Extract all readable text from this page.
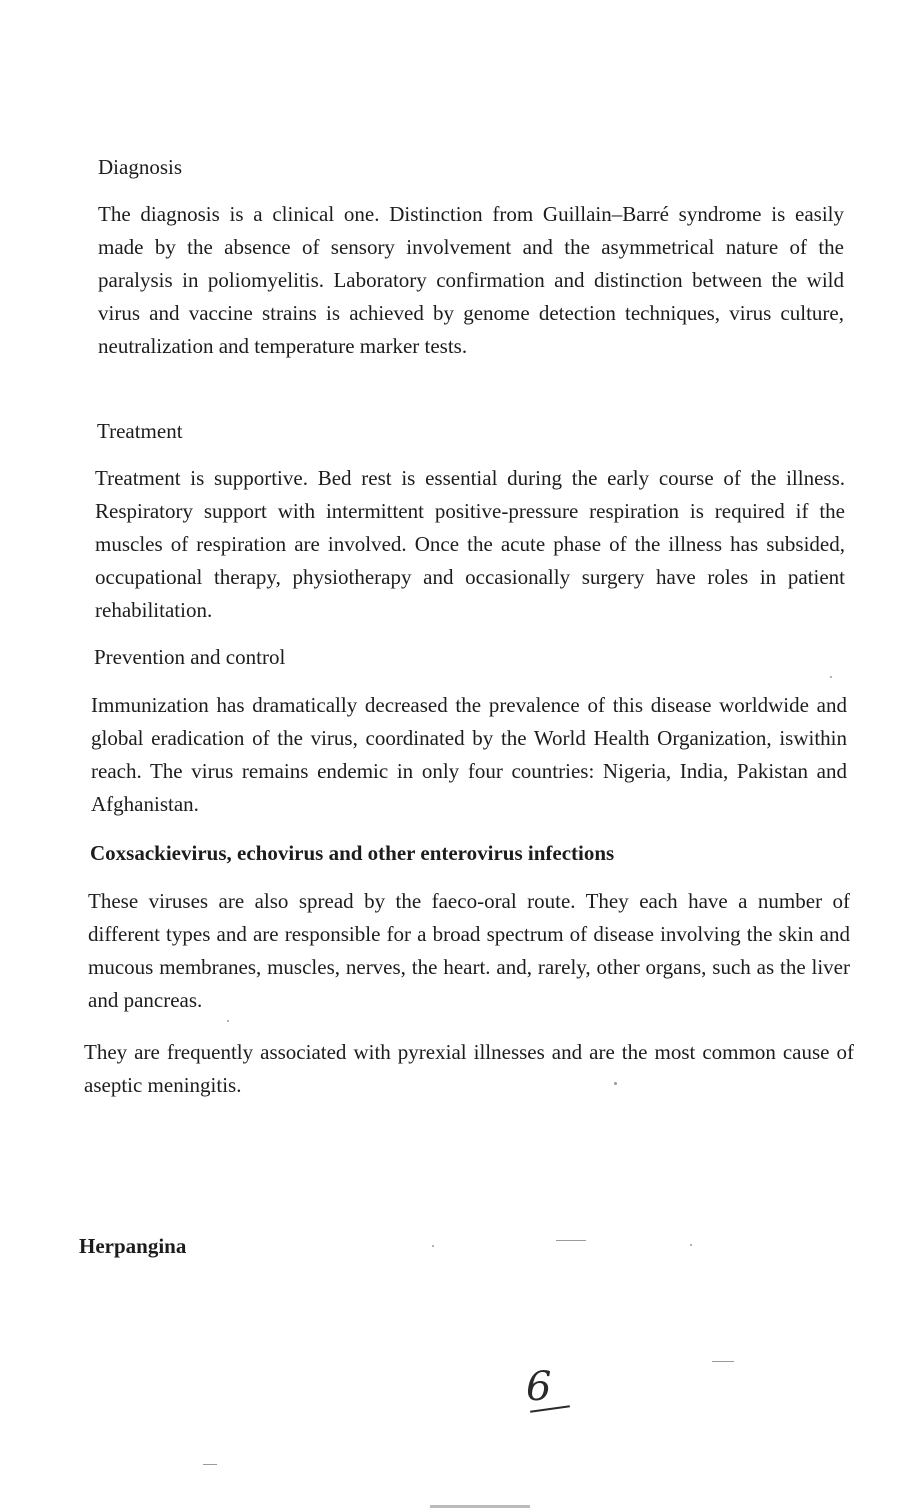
Diagnosis
The diagnosis is a clinical one. Distinction from Guillain–Barré syndrome is easily made by the absence of sensory involvement and the asymmetrical nature of the paralysis in poliomyelitis. Laboratory confirmation and distinction between the wild virus and vaccine strains is achieved by genome detection techniques, virus culture, neutralization and temperature marker tests.
Treatment
Treatment is supportive. Bed rest is essential during the early course of the illness. Respiratory support with intermittent positive-pressure respiration is required if the muscles of respiration are involved. Once the acute phase of the illness has subsided, occupational therapy, physiotherapy and occasionally surgery have roles in patient rehabilitation.
Prevention and control
Immunization has dramatically decreased the prevalence of this disease worldwide and global eradication of the virus, coordinated by the World Health Organization, iswithin reach. The virus remains endemic in only four countries: Nigeria, India, Pakistan and Afghanistan.
Coxsackievirus, echovirus and other enterovirus infections
These viruses are also spread by the faeco-oral route. They each have a number of different types and are responsible for a broad spectrum of disease involving the skin and mucous membranes, muscles, nerves, the heart. and, rarely, other organs, such as the liver and pancreas.
They are frequently associated with pyrexial illnesses and are the most common cause of aseptic meningitis.
Herpangina
6
